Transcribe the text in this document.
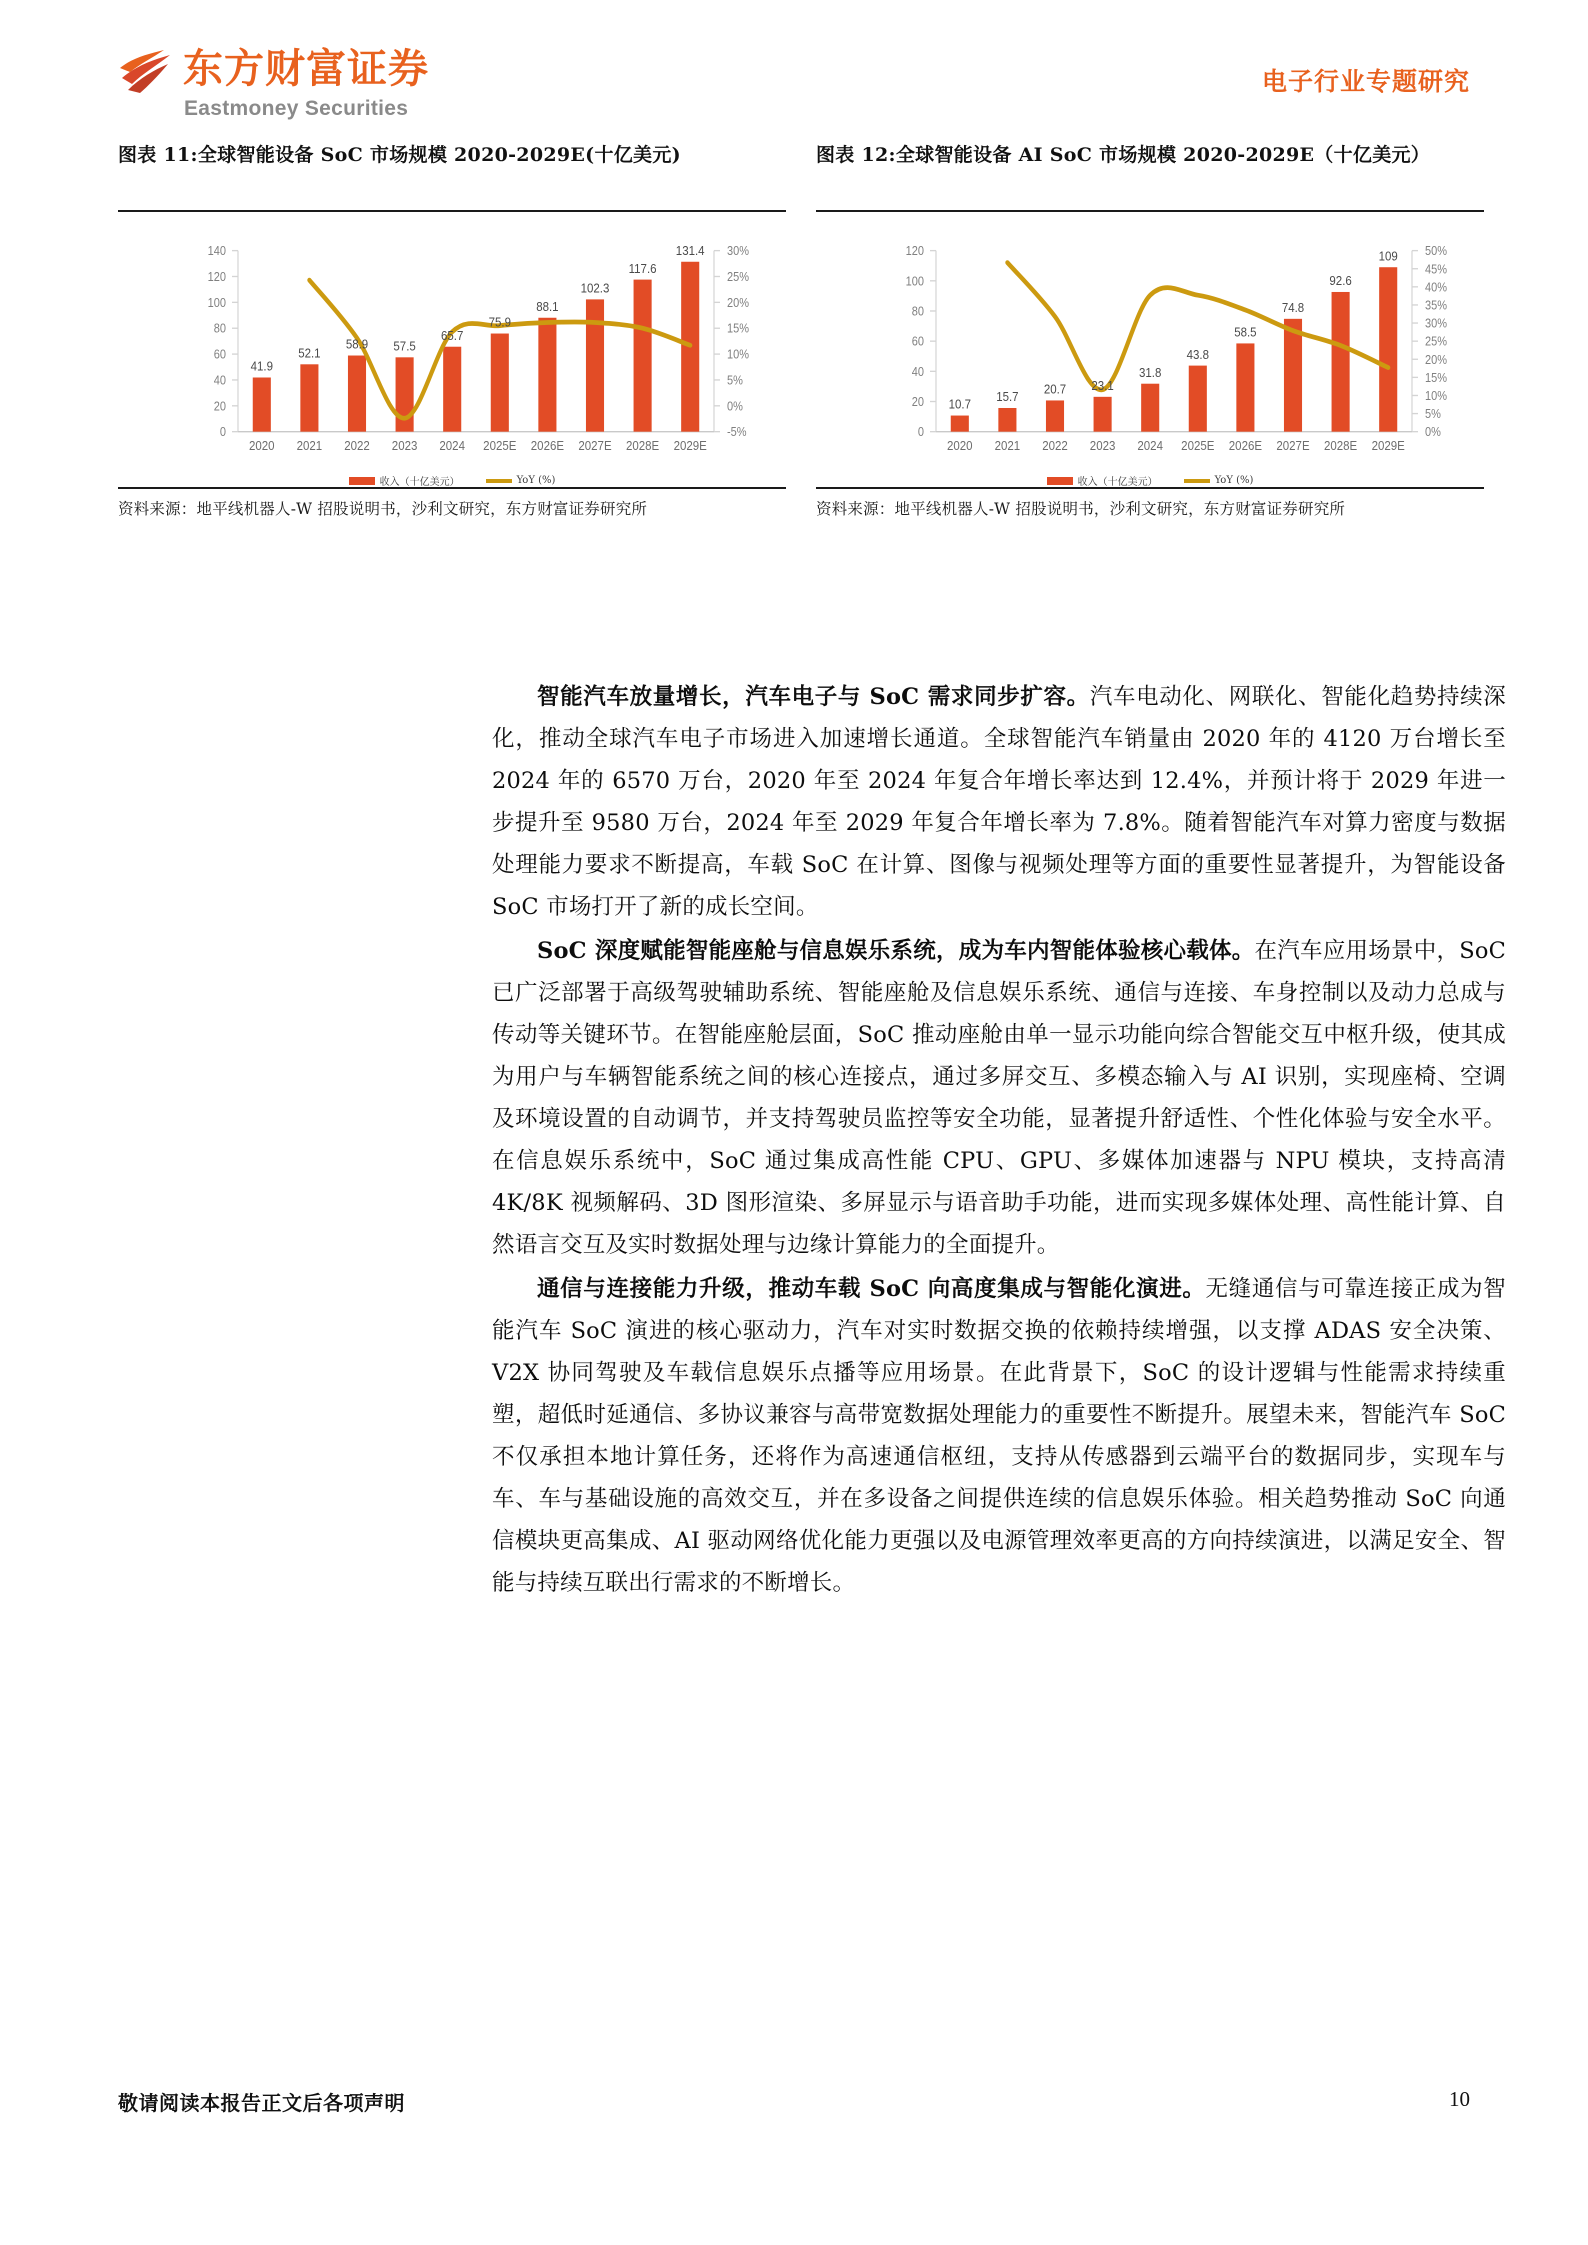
东方财富证券
Eastmoney Securities
电子行业专题研究
图表 11:全球智能设备 SoC 市场规模 2020-2029E(十亿美元)
0
20
40
60
80
100
120
140
-5%
0%
5%
10%
15%
20%
25%
30%
41.9
52.1
58.9 57.5
65.7
75.9
88.1
102.3
117.6
131.4
2020 2021 2022 2023 2024 2025E 2026E 2027E 2028E 2029E
收入（十亿美元）	YoY (%)
资料来源：地平线机器人-W 招股说明书，沙利文研究，东方财富证券研究所
图表 12:全球智能设备 AI SoC 市场规模 2020-2029E（十亿美元）
0
20
40
60
80
100
120
0%
5%
10%
15%
20%
25%
30%
35%
40%
45%
50%
10.7
15.7
20.7 23.1
31.8
43.8
58.5
74.8
92.6
109
2020 2021 2022 2023 2024 2025E 2026E 2027E 2028E 2029E
收入（十亿美元）	YoY (%)
资料来源：地平线机器人-W 招股说明书，沙利文研究，东方财富证券研究所

智能汽车放量增长，汽车电子与 SoC 需求同步扩容。汽车电动化、网联化、智能化趋势持续深化，推动全球汽车电子市场进入加速增长通道。全球智能汽车销量由 2020 年的 4120 万台增长至 2024 年的 6570 万台，2020 年至 2024 年复合年增长率达到 12.4%，并预计将于 2029 年进一步提升至 9580 万台，2024 年至 2029 年复合年增长率为 7.8%。随着智能汽车对算力密度与数据处理能力要求不断提高，车载 SoC 在计算、图像与视频处理等方面的重要性显著提升，为智能设备 SoC 市场打开了新的成长空间。

SoC 深度赋能智能座舱与信息娱乐系统，成为车内智能体验核心载体。在汽车应用场景中，SoC 已广泛部署于高级驾驶辅助系统、智能座舱及信息娱乐系统、通信与连接、车身控制以及动力总成与传动等关键环节。在智能座舱层面，SoC 推动座舱由单一显示功能向综合智能交互中枢升级，使其成为用户与车辆智能系统之间的核心连接点，通过多屏交互、多模态输入与 AI 识别，实现座椅、空调及环境设置的自动调节，并支持驾驶员监控等安全功能，显著提升舒适性、个性化体验与安全水平。在信息娱乐系统中，SoC 通过集成高性能 CPU、GPU、多媒体加速器与 NPU 模块，支持高清 4K/8K 视频解码、3D 图形渲染、多屏显示与语音助手功能，进而实现多媒体处理、高性能计算、自然语言交互及实时数据处理与边缘计算能力的全面提升。

通信与连接能力升级，推动车载 SoC 向高度集成与智能化演进。无缝通信与可靠连接正成为智能汽车 SoC 演进的核心驱动力，汽车对实时数据交换的依赖持续增强，以支撑 ADAS 安全决策、V2X 协同驾驶及车载信息娱乐点播等应用场景。在此背景下，SoC 的设计逻辑与性能需求持续重塑，超低时延通信、多协议兼容与高带宽数据处理能力的重要性不断提升。展望未来，智能汽车 SoC 不仅承担本地计算任务，还将作为高速通信枢纽，支持从传感器到云端平台的数据同步，实现车与车、车与基础设施的高效交互，并在多设备之间提供连续的信息娱乐体验。相关趋势推动 SoC 向通信模块更高集成、AI 驱动网络优化能力更强以及电源管理效率更高的方向持续演进，以满足安全、智能与持续互联出行需求的不断增长。

敬请阅读本报告正文后各项声明	10
